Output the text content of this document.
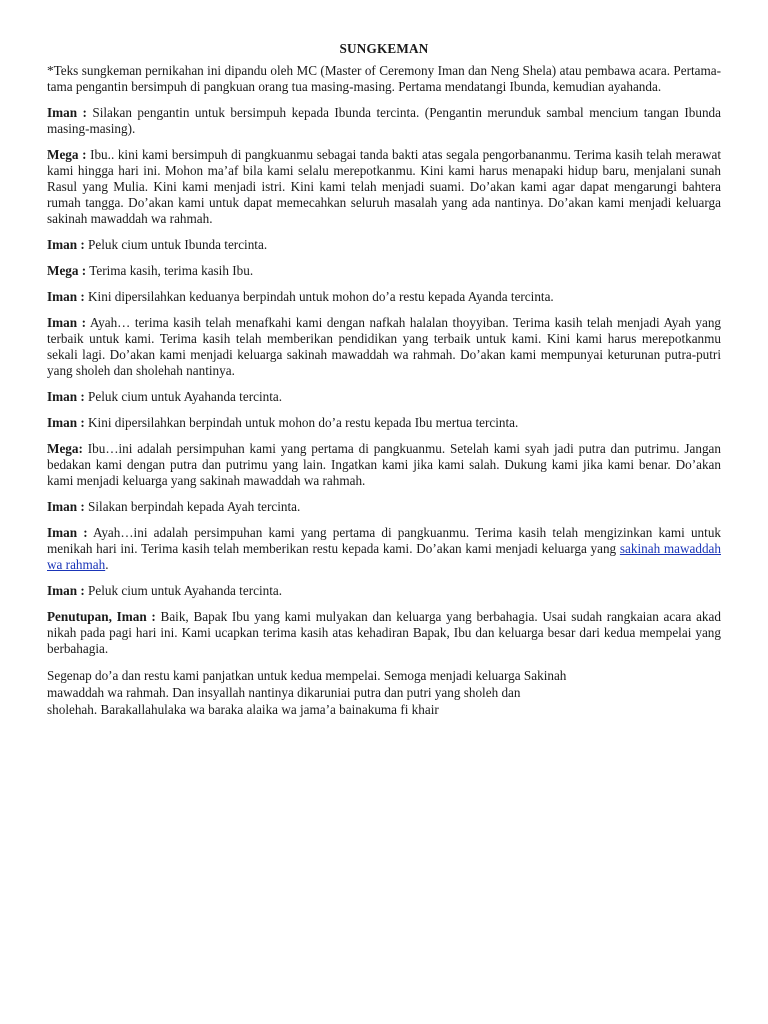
SUNGKEMAN

*Teks sungkeman pernikahan ini dipandu oleh MC (Master of Ceremony Iman dan Neng Shela) atau pembawa acara. Pertama-tama pengantin bersimpuh di pangkuan orang tua masing-masing. Pertama mendatangi Ibunda, kemudian ayahanda.

Iman : Silakan pengantin untuk bersimpuh kepada Ibunda tercinta. (Pengantin merunduk sambal mencium tangan Ibunda masing-masing).

Mega : Ibu.. kini kami bersimpuh di pangkuanmu sebagai tanda bakti atas segala pengorbananmu. Terima kasih telah merawat kami hingga hari ini. Mohon ma’af bila kami selalu merepotkanmu. Kini kami harus menapaki hidup baru, menjalani sunah Rasul yang Mulia. Kini kami menjadi istri. Kini kami telah menjadi suami. Do’akan kami agar dapat mengarungi bahtera rumah tangga. Do’akan kami untuk dapat memecahkan seluruh masalah yang ada nantinya. Do’akan kami menjadi keluarga sakinah mawaddah wa rahmah.

Iman : Peluk cium untuk Ibunda tercinta.

Mega : Terima kasih, terima kasih Ibu.

Iman : Kini dipersilahkan keduanya berpindah untuk mohon do’a restu kepada Ayanda tercinta.

Iman : Ayah… terima kasih telah menafkahi kami dengan nafkah halalan thoyyiban. Terima kasih telah menjadi Ayah yang terbaik untuk kami. Terima kasih telah memberikan pendidikan yang terbaik untuk kami. Kini kami harus merepotkanmu sekali lagi. Do’akan kami menjadi keluarga sakinah mawaddah wa rahmah. Do’akan kami mempunyai keturunan putra-putri yang sholeh dan sholehah nantinya.

Iman : Peluk cium untuk Ayahanda tercinta.

Iman : Kini dipersilahkan berpindah untuk mohon do’a restu kepada Ibu mertua tercinta.

Mega: Ibu…ini adalah persimpuhan kami yang pertama di pangkuanmu. Setelah kami syah jadi putra dan putrimu. Jangan bedakan kami dengan putra dan putrimu yang lain. Ingatkan kami jika kami salah. Dukung kami jika kami benar. Do’akan kami menjadi keluarga yang sakinah mawaddah wa rahmah.

Iman : Silakan berpindah kepada Ayah tercinta.

Iman : Ayah…ini adalah persimpuhan kami yang pertama di pangkuanmu. Terima kasih telah mengizinkan kami untuk menikah hari ini. Terima kasih telah memberikan restu kepada kami. Do’akan kami menjadi keluarga yang sakinah mawaddah wa rahmah.

Iman : Peluk cium untuk Ayahanda tercinta.

Penutupan, Iman : Baik, Bapak Ibu yang kami mulyakan dan keluarga yang berbahagia. Usai sudah rangkaian acara akad nikah pada pagi hari ini. Kami ucapkan terima kasih atas kehadiran Bapak, Ibu dan keluarga besar dari kedua mempelai yang berbahagia.

Segenap do’a dan restu kami panjatkan untuk kedua mempelai. Semoga menjadi keluarga Sakinah
mawaddah wa rahmah. Dan insyallah nantinya dikaruniai putra dan putri yang sholeh dan
sholehah. Barakallahulaka wa baraka alaika wa jama’a bainakuma fi khair
